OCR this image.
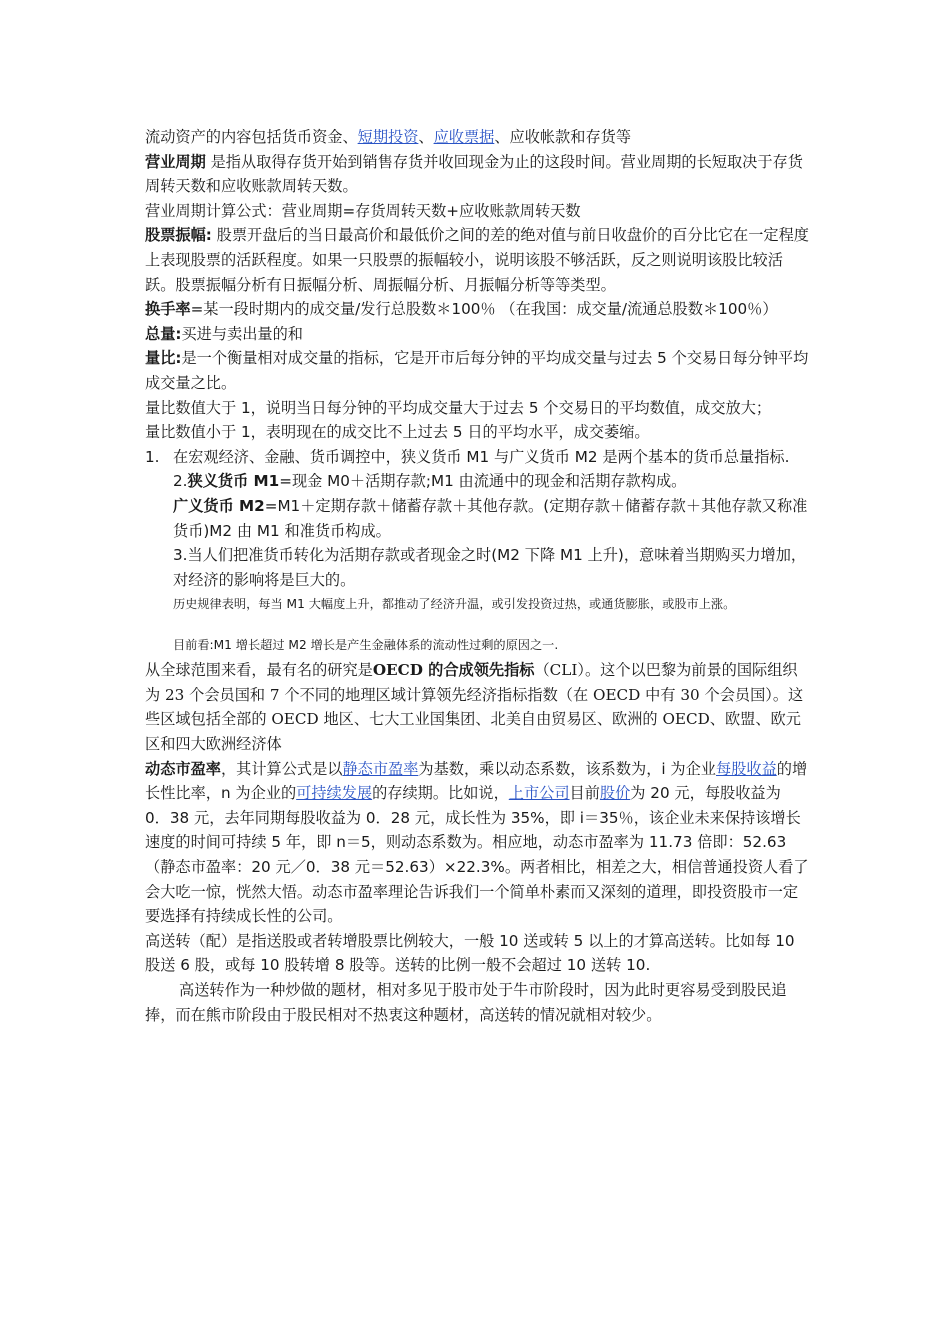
流动资产的内容包括货币资金、短期投资、应收票据、应收帐款和存货等

营业周期 是指从取得存货开始到销售存货并收回现金为止的这段时间。营业周期的长短取决于存货周转天数和应收账款周转天数。

营业周期计算公式：营业周期=存货周转天数+应收账款周转天数

股票振幅: 股票开盘后的当日最高价和最低价之间的差的绝对值与前日收盘价的百分比它在一定程度上表现股票的活跃程度。如果一只股票的振幅较小，说明该股不够活跃，反之则说明该股比较活跃。股票振幅分析有日振幅分析、周振幅分析、月振幅分析等等类型。

换手率=某一段时期内的成交量/发行总股数＊100％ （在我国：成交量/流通总股数＊100％）

总量:买进与卖出量的和

量比:是一个衡量相对成交量的指标，它是开市后每分钟的平均成交量与过去 5 个交易日每分钟平均成交量之比。

量比数值大于 1，说明当日每分钟的平均成交量大于过去 5 个交易日的平均数值，成交放大；

量比数值小于 1，表明现在的成交比不上过去 5 日的平均水平，成交萎缩。

1. 在宏观经济、金融、货币调控中，狭义货币 M1 与广义货币 M2 是两个基本的货币总量指标.

2.狭义货币 M1=现金 M0＋活期存款;M1 由流通中的现金和活期存款构成。

广义货币 M2=M1＋定期存款＋储蓄存款＋其他存款。(定期存款＋储蓄存款＋其他存款又称准货币)M2 由 M1 和准货币构成。

3.当人们把准货币转化为活期存款或者现金之时(M2 下降 M1 上升)，意味着当期购买力增加，对经济的影响将是巨大的。

历史规律表明，每当 M1 大幅度上升，都推动了经济升温，或引发投资过热，或通货膨胀，或股市上涨。

目前看:M1 增长超过 M2 增长是产生金融体系的流动性过剩的原因之一.

从全球范围来看，最有名的研究是OECD 的合成领先指标（CLI）。这个以巴黎为前景的国际组织为 23 个会员国和 7 个不同的地理区域计算领先经济指标指数（在 OECD 中有 30 个会员国）。这些区域包括全部的 OECD 地区、七大工业国集团、北美自由贸易区、欧洲的 OECD、欧盟、欧元区和四大欧洲经济体

动态市盈率，其计算公式是以静态市盈率为基数，乘以动态系数，该系数为，i 为企业每股收益的增长性比率，n 为企业的可持续发展的存续期。比如说，上市公司目前股价为 20 元，每股收益为 0．38 元，去年同期每股收益为 0．28 元，成长性为 35%，即 i＝35％，该企业未来保持该增长速度的时间可持续 5 年，即 n＝5，则动态系数为。相应地，动态市盈率为 11.73 倍即：52.63（静态市盈率：20 元／0．38 元＝52.63）×22.3%。两者相比，相差之大，相信普通投资人看了会大吃一惊，恍然大悟。动态市盈率理论告诉我们一个简单朴素而又深刻的道理，即投资股市一定要选择有持续成长性的公司。

高送转（配）是指送股或者转增股票比例较大，一般 10 送或转 5 以上的才算高送转。比如每 10 股送 6 股，或每 10 股转增 8 股等。送转的比例一般不会超过 10 送转 10.

高送转作为一种炒做的题材，相对多见于股市处于牛市阶段时，因为此时更容易受到股民追捧，而在熊市阶段由于股民相对不热衷这种题材，高送转的情况就相对较少。
